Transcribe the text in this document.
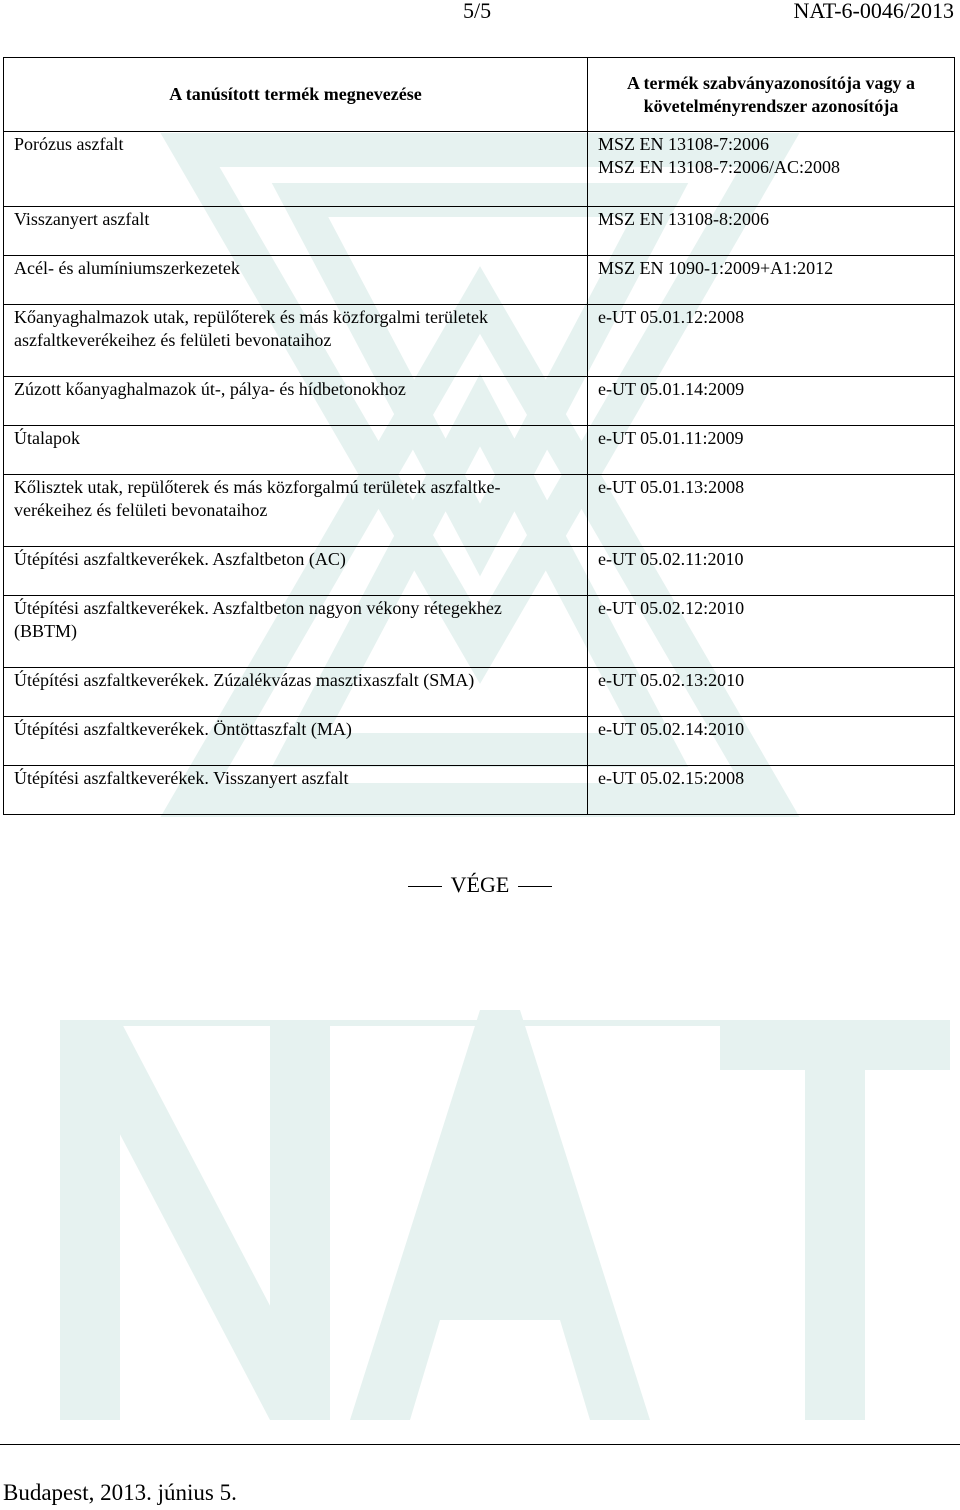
5/5	NAT-6-0046/2013
A tanúsított termék megnevezése	A termék szabványazonosítója vagy a követelményrendszer azonosítója
Porózus aszfalt	MSZ EN 13108-7:2006
MSZ EN 13108-7:2006/AC:2008
Visszanyert aszfalt	MSZ EN 13108-8:2006
Acél- és alumíniumszerkezetek	MSZ EN 1090-1:2009+A1:2012
Kőanyaghalmazok utak, repülőterek és más közforgalmi területek
aszfaltkeverékeihez és felületi bevonataihoz	e-UT 05.01.12:2008
Zúzott kőanyaghalmazok út-, pálya- és hídbetonokhoz	e-UT 05.01.14:2009
Útalapok	e-UT 05.01.11:2009
Kőlisztek utak, repülőterek és más közforgalmú területek aszfaltke-
verékeihez és felületi bevonataihoz	e-UT 05.01.13:2008
Útépítési aszfaltkeverékek. Aszfaltbeton (AC)	e-UT 05.02.11:2010
Útépítési aszfaltkeverékek. Aszfaltbeton nagyon vékony rétegekhez
(BBTM)	e-UT 05.02.12:2010
Útépítési aszfaltkeverékek. Zúzalékvázas masztixaszfalt (SMA)	e-UT 05.02.13:2010
Útépítési aszfaltkeverékek. Öntöttaszfalt (MA)	e-UT 05.02.14:2010
Útépítési aszfaltkeverékek. Visszanyert aszfalt	e-UT 05.02.15:2008
VÉGE
Budapest, 2013. június 5.
